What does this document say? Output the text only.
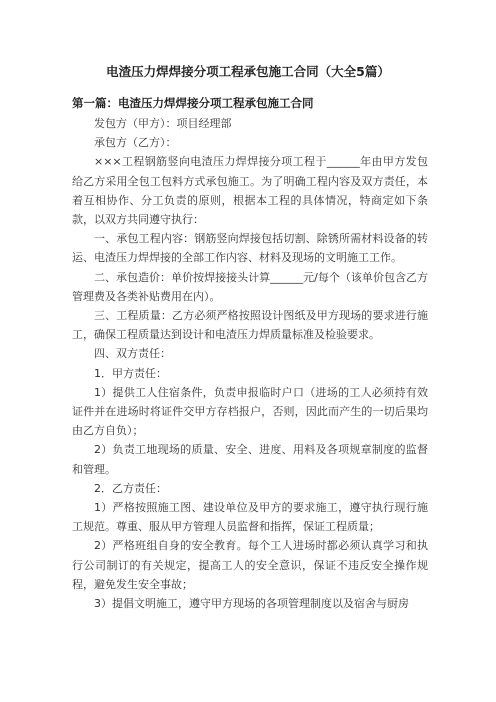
电渣压力焊焊接分项工程承包施工合同（大全5篇）
第一篇：电渣压力焊焊接分项工程承包施工合同

发包方（甲方）：项目经理部

承包方（乙方）：

×××工程钢筋竖向电渣压力焊焊接分项工程于______年由甲方发包给乙方采用全包工包料方式承包施工。为了明确工程内容及双方责任，本着互相协作、分工负责的原则，根据本工程的具体情况，特商定如下条款，以双方共同遵守执行：

一、承包工程内容：钢筋竖向焊接包括切割、除锈所需材料设备的转运、电渣压力焊焊接的全部工作内容、材料及现场的文明施工工作。

二、承包造价：单价按焊接接头计算______元/每个（该单价包含乙方管理费及各类补贴费用在内）。

三、工程质量：乙方必须严格按照设计图纸及甲方现场的要求进行施工，确保工程质量达到设计和电渣压力焊质量标准及检验要求。

四、双方责任：

1．甲方责任：

1）提供工人住宿条件，负责申报临时户口（进场的工人必须持有效证件并在进场时将证件交甲方存档报户，否则，因此而产生的一切后果均由乙方自负）；

2）负责工地现场的质量、安全、进度、用料及各项规章制度的监督和管理。

2．乙方责任：

1）严格按照施工图、建设单位及甲方的要求施工，遵守执行现行施工规范。尊重、服从甲方管理人员监督和指挥，保证工程质量；

2）严格班组自身的安全教育。每个工人进场时都必须认真学习和执行公司制订的有关规定，提高工人的安全意识，保证不违反安全操作规程，避免发生安全事故；

3）提倡文明施工，遵守甲方现场的各项管理制度以及宿舍与厨房
